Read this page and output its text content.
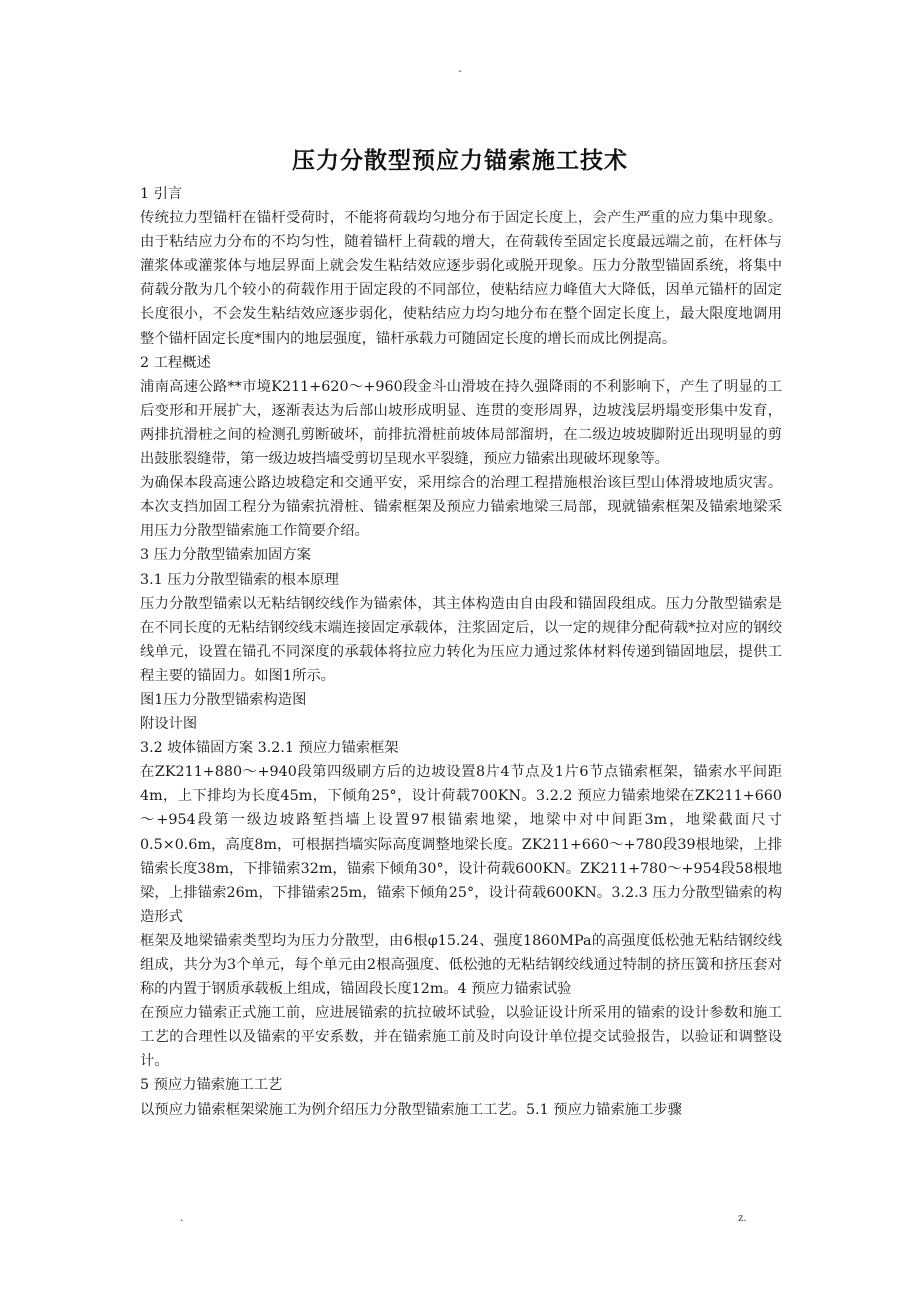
-
压力分散型预应力锚索施工技术

1 引言

传统拉力型锚杆在锚杆受荷时，不能将荷载均匀地分布于固定长度上，会产生严重的应力集中现象。由于粘结应力分布的不均匀性，随着锚杆上荷载的增大，在荷载传至固定长度最远端之前，在杆体与灌浆体或灌浆体与地层界面上就会发生粘结效应逐步弱化或脱开现象。压力分散型锚固系统，将集中荷载分散为几个较小的荷载作用于固定段的不同部位，使粘结应力峰值大大降低，因单元锚杆的固定长度很小，不会发生粘结效应逐步弱化，使粘结应力均匀地分布在整个固定长度上，最大限度地调用整个锚杆固定长度*围内的地层强度，锚杆承载力可随固定长度的增长而成比例提高。

2 工程概述

浦南高速公路**市境K211+620～+960段金斗山滑坡在持久强降雨的不利影响下，产生了明显的工后变形和开展扩大，逐渐表达为后部山坡形成明显、连贯的变形周界，边坡浅层坍塌变形集中发育，两排抗滑桩之间的检测孔剪断破坏，前排抗滑桩前坡体局部溜坍，在二级边坡坡脚附近出现明显的剪出鼓胀裂缝带，第一级边坡挡墙受剪切呈现水平裂缝，预应力锚索出现破坏现象等。

为确保本段高速公路边坡稳定和交通平安，采用综合的治理工程措施根治该巨型山体滑坡地质灾害。本次支挡加固工程分为锚索抗滑桩、锚索框架及预应力锚索地梁三局部，现就锚索框架及锚索地梁采用压力分散型锚索施工作简要介绍。

3 压力分散型锚索加固方案

3.1 压力分散型锚索的根本原理

压力分散型锚索以无粘结钢绞线作为锚索体，其主体构造由自由段和锚固段组成。压力分散型锚索是在不同长度的无粘结钢绞线末端连接固定承载体，注浆固定后，以一定的规律分配荷载*拉对应的钢绞线单元，设置在锚孔不同深度的承载体将拉应力转化为压应力通过浆体材料传递到锚固地层，提供工程主要的锚固力。如图1所示。

图1压力分散型锚索构造图

附设计图

3.2 坡体锚固方案 3.2.1 预应力锚索框架

在ZK211+880～+940段第四级刷方后的边坡设置8片4节点及1片6节点锚索框架，锚索水平间距4m，上下排均为长度45m，下倾角25°，设计荷载700KN。3.2.2 预应力锚索地梁在ZK211+660～+954段第一级边坡路堑挡墙上设置97根锚索地梁，地梁中对中间距3m，地梁截面尺寸0.5×0.6m，高度8m，可根据挡墙实际高度调整地梁长度。ZK211+660～+780段39根地梁，上排锚索长度38m，下排锚索32m，锚索下倾角30°，设计荷载600KN。ZK211+780～+954段58根地梁，上排锚索26m，下排锚索25m，锚索下倾角25°，设计荷载600KN。3.2.3 压力分散型锚索的构造形式

框架及地梁锚索类型均为压力分散型，由6根φ15.24、强度1860MPa的高强度低松弛无粘结钢绞线组成，共分为3个单元，每个单元由2根高强度、低松弛的无粘结钢绞线通过特制的挤压簧和挤压套对称的内置于钢质承载板上组成，锚固段长度12m。4 预应力锚索试验

在预应力锚索正式施工前，应进展锚索的抗拉破坏试验，以验证设计所采用的锚索的设计参数和施工工艺的合理性以及锚索的平安系数，并在锚索施工前及时向设计单位提交试验报告，以验证和调整设计。

5 预应力锚索施工工艺

以预应力锚索框架梁施工为例介绍压力分散型锚索施工工艺。5.1 预应力锚索施工步骤

.	z.
